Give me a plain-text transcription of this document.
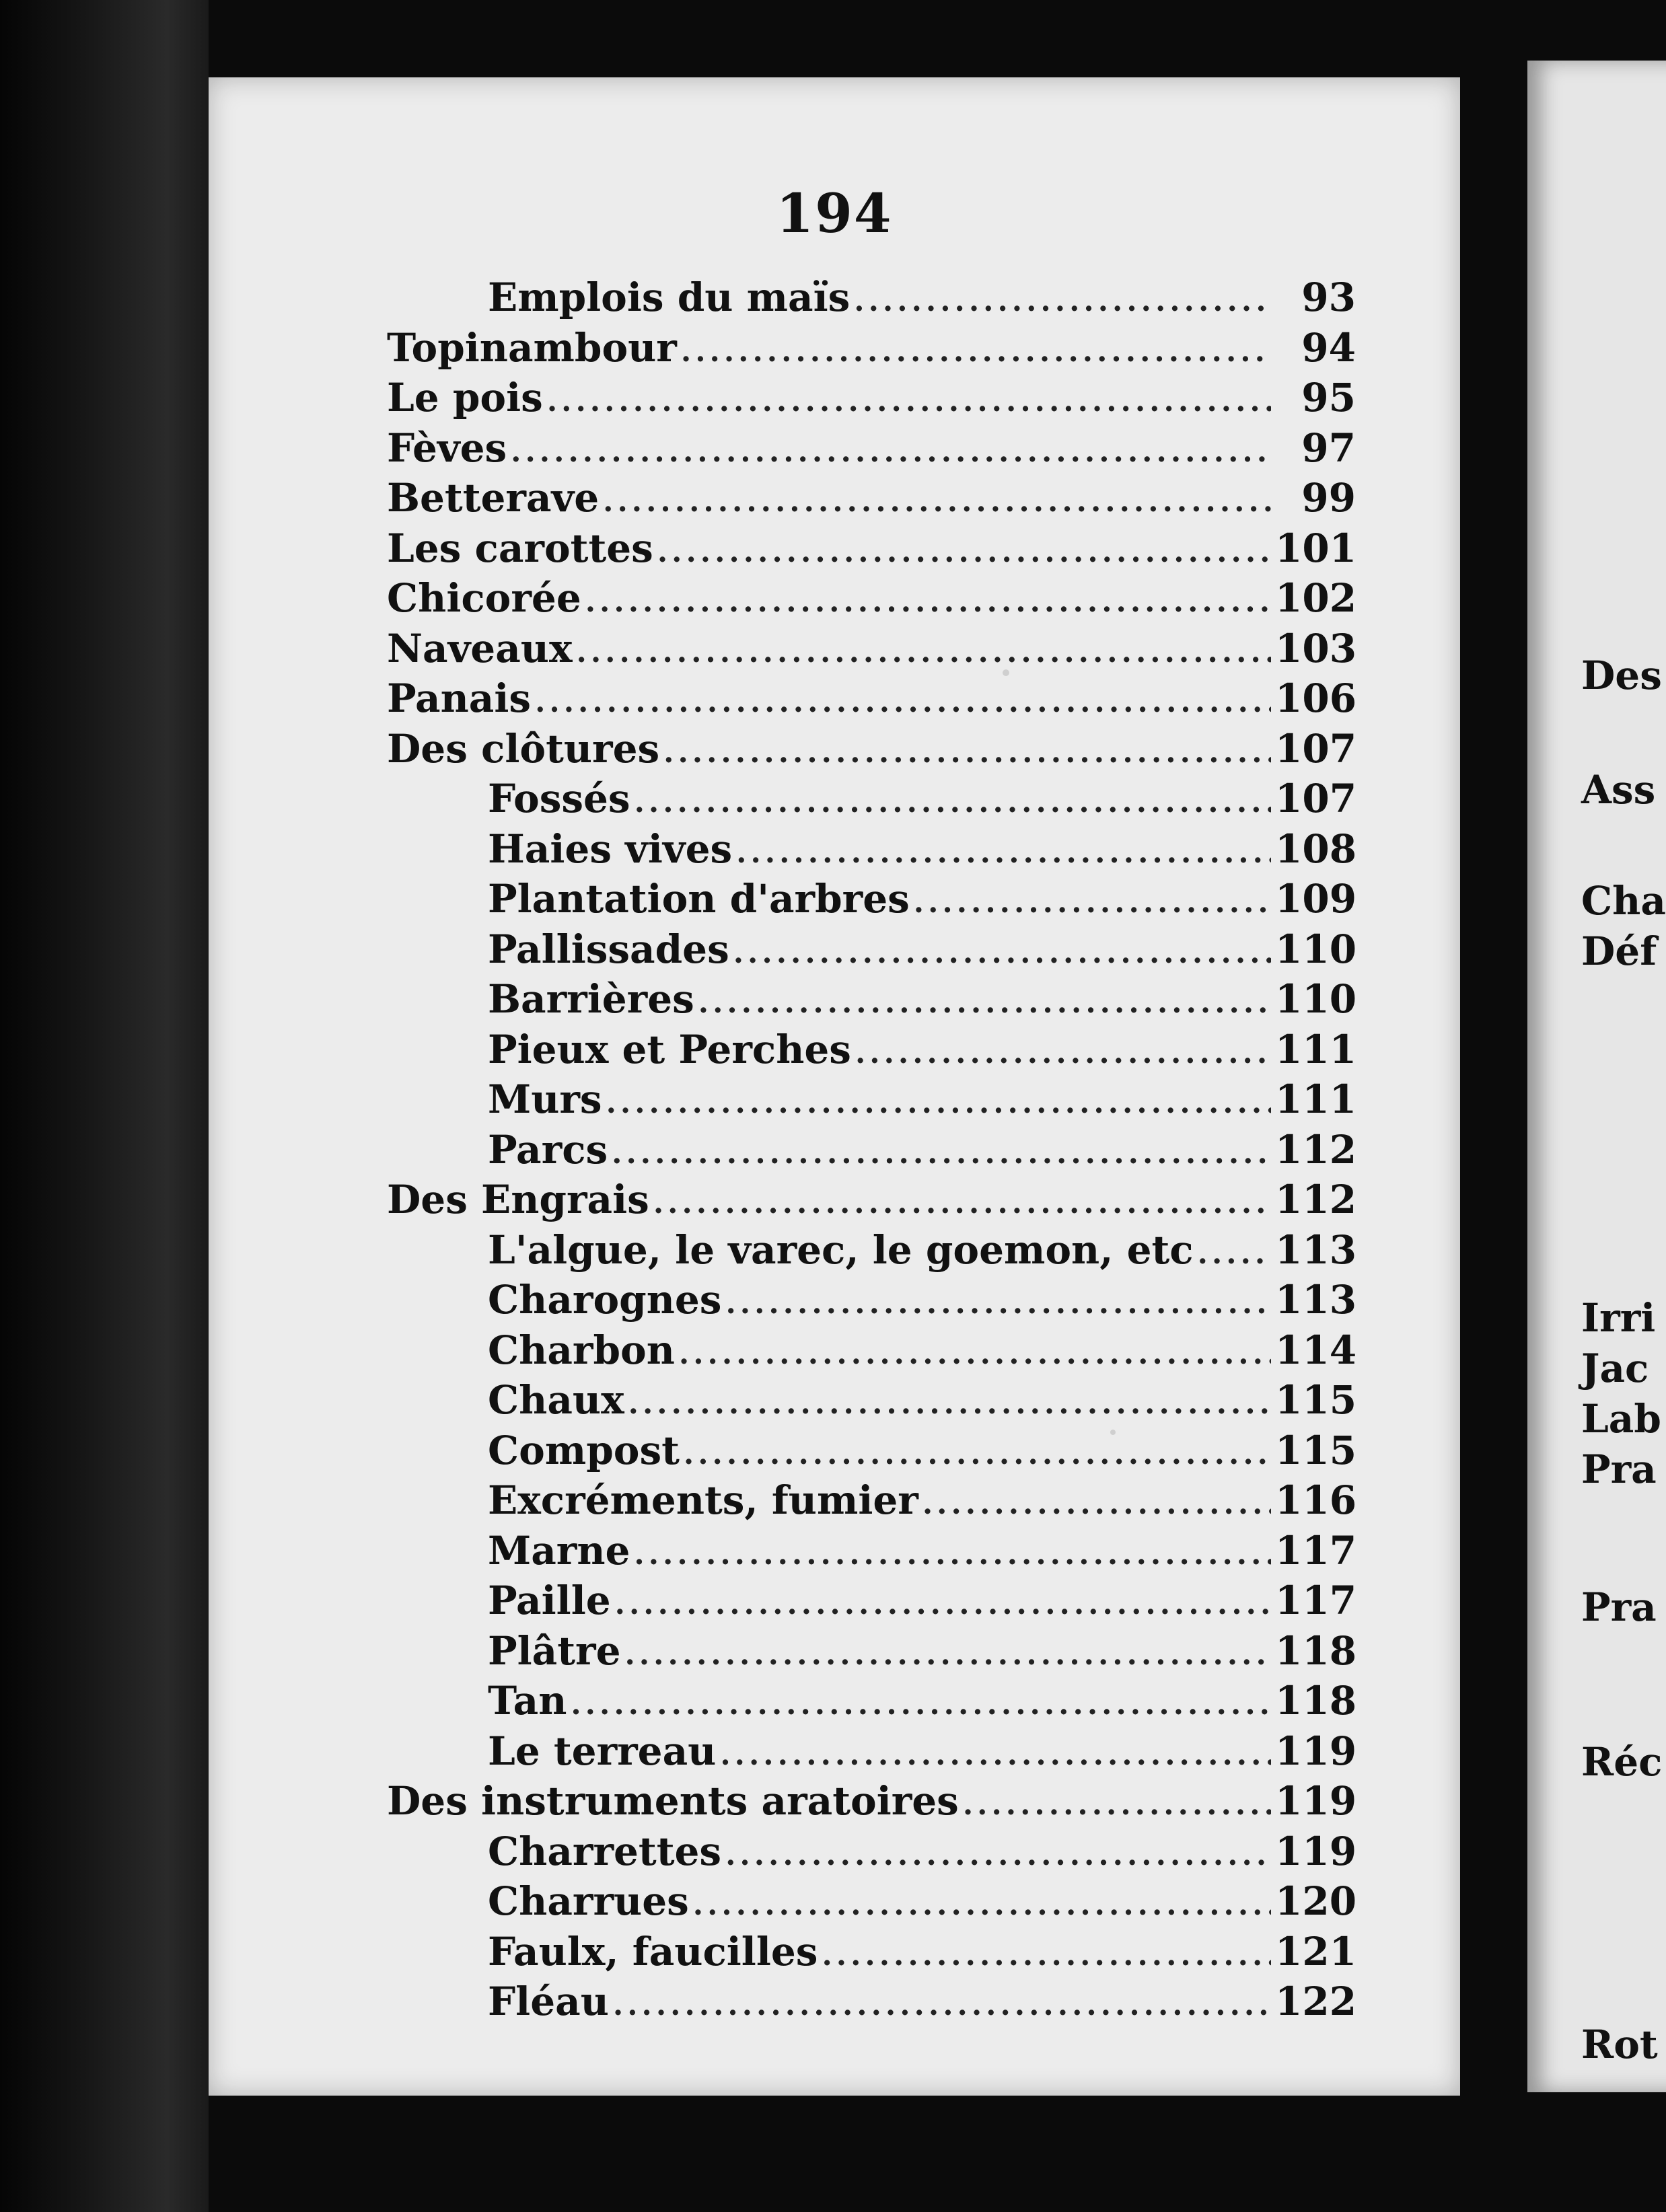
194
Emplois du maïs .....	93
Topinambour .....	94
Le pois .....	95
Fèves .....	97
Betterave .....	99
Les carottes .....	101
Chicorée .....	102
Naveaux .....	103
Panais .....	106
Des clôtures .....	107
Fossés .....	107
Haies vives .....	108
Plantation d'arbres .....	109
Pallissades .....	110
Barrières .....	110
Pieux et Perches .....	111
Murs .....	111
Parcs .....	112
Des Engrais .....	112
L'algue, le varec, le goemon, etc ..... 113
Charognes .....	113
Charbon .....	114
Chaux .....	115
Compost .....	115
Excréments, fumier .....	116
Marne .....	117
Paille .....	117
Plâtre .....	118
Tan .....	118
Le terreau .....	119
Des instruments aratoires .....	119
Charrettes .....	119
Charrues .....	120
Faulx, faucilles .....	121
Fléau .....	122
Des
Ass
Cha
Déf
Irri
Jac
Lab
Pra
Pra
Réc
Rot
